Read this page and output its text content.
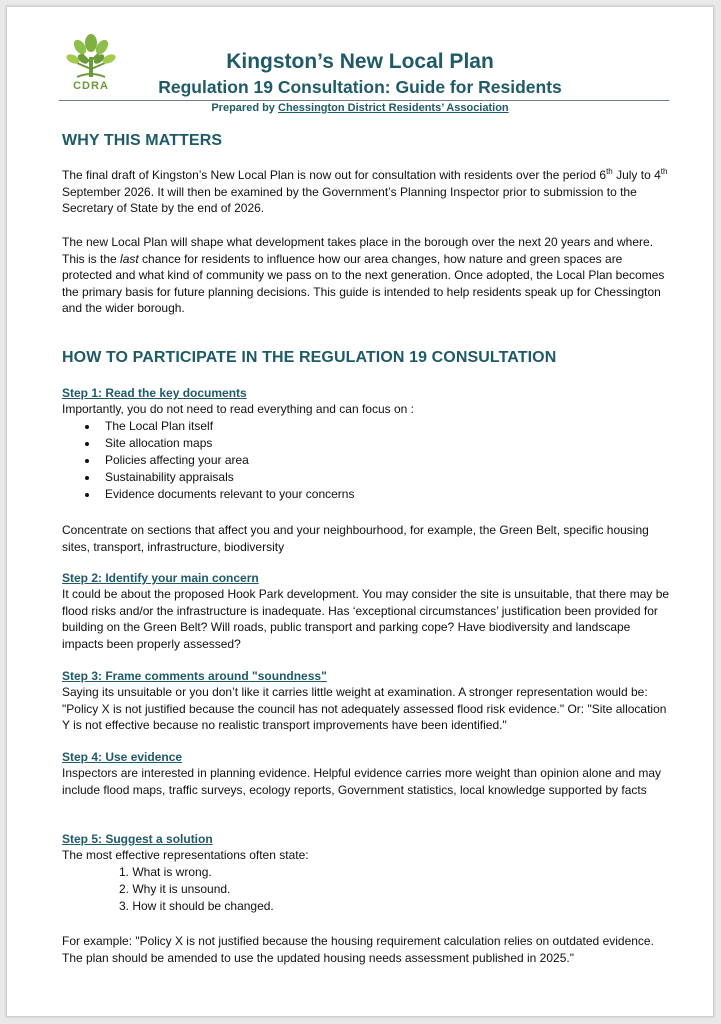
CDRA
Kingston’s New Local Plan
Regulation 19 Consultation: Guide for Residents
Prepared by Chessington District Residents’ Association
WHY THIS MATTERS

The final draft of Kingston’s New Local Plan is now out for consultation with residents over the period 6th July to 4th September 2026. It will then be examined by the Government’s Planning Inspector prior to submission to the Secretary of State by the end of 2026.

The new Local Plan will shape what development takes place in the borough over the next 20 years and where. This is the last chance for residents to influence how our area changes, how nature and green spaces are protected and what kind of community we pass on to the next generation. Once adopted, the Local Plan becomes the primary basis for future planning decisions. This guide is intended to help residents speak up for Chessington and the wider borough.

HOW TO PARTICIPATE IN THE REGULATION 19 CONSULTATION
Step 1: Read the key documents

Importantly, you do not need to read everything and can focus on :

The Local Plan itself
Site allocation maps
Policies affecting your area
Sustainability appraisals
Evidence documents relevant to your concerns
Concentrate on sections that affect you and your neighbourhood, for example, the Green Belt, specific housing sites, transport, infrastructure, biodiversity
Step 2: Identify your main concern

It could be about the proposed Hook Park development. You may consider the site is unsuitable, that there may be flood risks and/or the infrastructure is inadequate. Has ‘exceptional circumstances’ justification been provided for building on the Green Belt? Will roads, public transport and parking cope? Have biodiversity and landscape impacts been properly assessed?

Step 3: Frame comments around "soundness"

Saying its unsuitable or you don’t like it carries little weight at examination. A stronger representation would be: "Policy X is not justified because the council has not adequately assessed flood risk evidence." Or: "Site allocation Y is not effective because no realistic transport improvements have been identified."

Step 4: Use evidence

Inspectors are interested in planning evidence. Helpful evidence carries more weight than opinion alone and may include flood maps, traffic surveys, ecology reports, Government statistics, local knowledge supported by facts

Step 5: Suggest a solution

The most effective representations often state:

1. What is wrong.
2. Why it is unsound.
3. How it should be changed.
For example: "Policy X is not justified because the housing requirement calculation relies on outdated evidence. The plan should be amended to use the updated housing needs assessment published in 2025."
